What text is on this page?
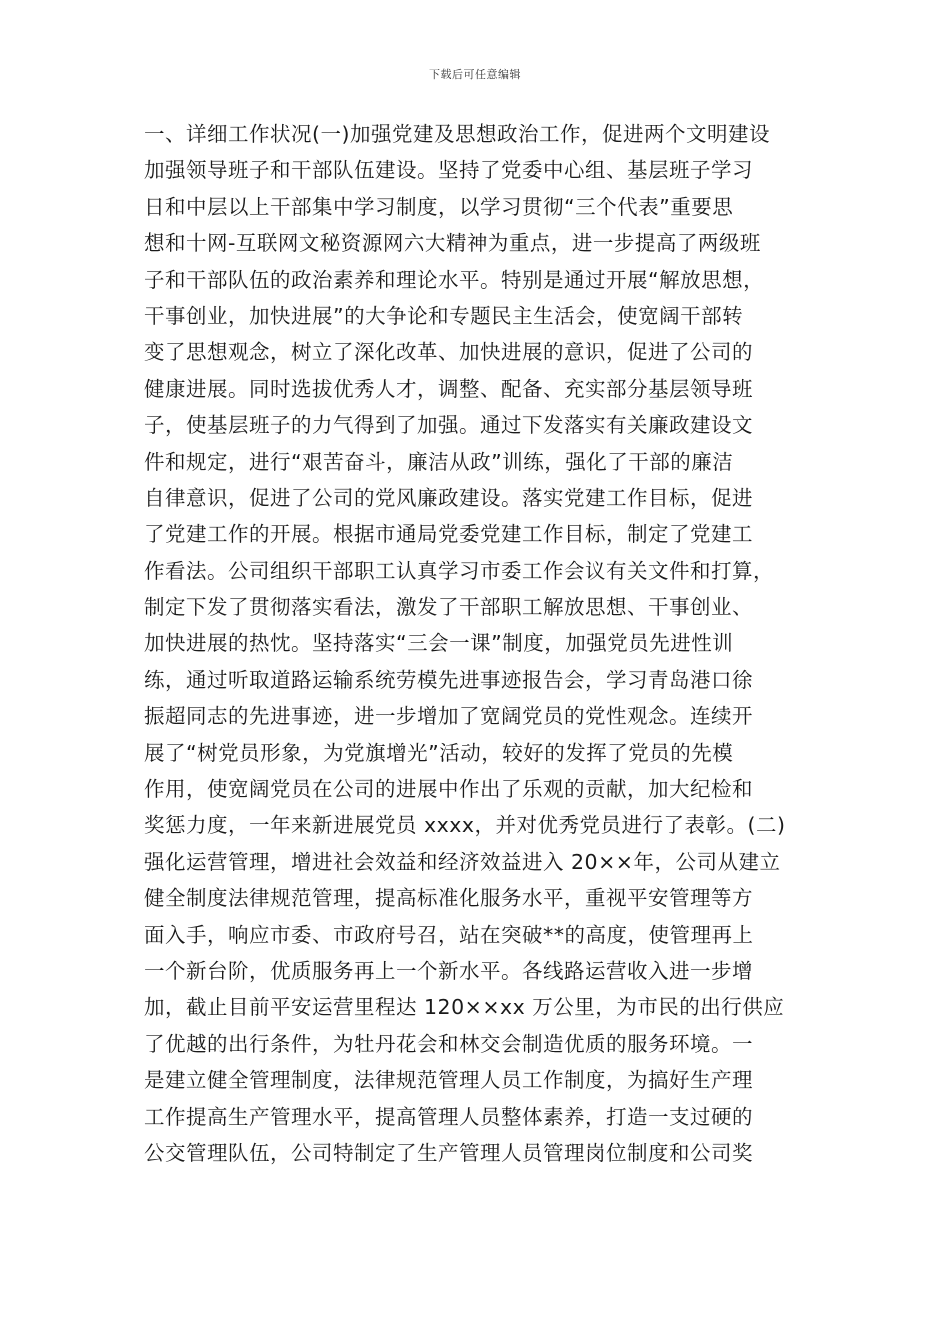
下载后可任意编辑
一、详细工作状况(一)加强党建及思想政治工作，促进两个文明建设
加强领导班子和干部队伍建设。坚持了党委中心组、基层班子学习
日和中层以上干部集中学习制度，以学习贯彻“三个代表”重要思
想和十网-互联网文秘资源网六大精神为重点，进一步提高了两级班
子和干部队伍的政治素养和理论水平。特别是通过开展“解放思想，
干事创业，加快进展”的大争论和专题民主生活会，使宽阔干部转
变了思想观念，树立了深化改革、加快进展的意识，促进了公司的
健康进展。同时选拔优秀人才，调整、配备、充实部分基层领导班
子，使基层班子的力气得到了加强。通过下发落实有关廉政建设文
件和规定，进行“艰苦奋斗，廉洁从政”训练，强化了干部的廉洁
自律意识，促进了公司的党风廉政建设。落实党建工作目标，促进
了党建工作的开展。根据市通局党委党建工作目标，制定了党建工
作看法。公司组织干部职工认真学习市委工作会议有关文件和打算，
制定下发了贯彻落实看法，激发了干部职工解放思想、干事创业、
加快进展的热忱。坚持落实“三会一课”制度，加强党员先进性训
练，通过听取道路运输系统劳模先进事迹报告会，学习青岛港口徐
振超同志的先进事迹，进一步增加了宽阔党员的党性观念。连续开
展了“树党员形象，为党旗增光”活动，较好的发挥了党员的先模
作用，使宽阔党员在公司的进展中作出了乐观的贡献，加大纪检和
奖惩力度，一年来新进展党员 xxxx，并对优秀党员进行了表彰。(二)
强化运营管理，增进社会效益和经济效益进入 20××年，公司从建立
健全制度法律规范管理，提高标准化服务水平，重视平安管理等方
面入手，响应市委、市政府号召，站在突破**的高度，使管理再上
一个新台阶，优质服务再上一个新水平。各线路运营收入进一步增
加，截止目前平安运营里程达 120××xx 万公里，为市民的出行供应
了优越的出行条件，为牡丹花会和林交会制造优质的服务环境。一
是建立健全管理制度，法律规范管理人员工作制度，为搞好生产理
工作提高生产管理水平，提高管理人员整体素养，打造一支过硬的
公交管理队伍，公司特制定了生产管理人员管理岗位制度和公司奖
